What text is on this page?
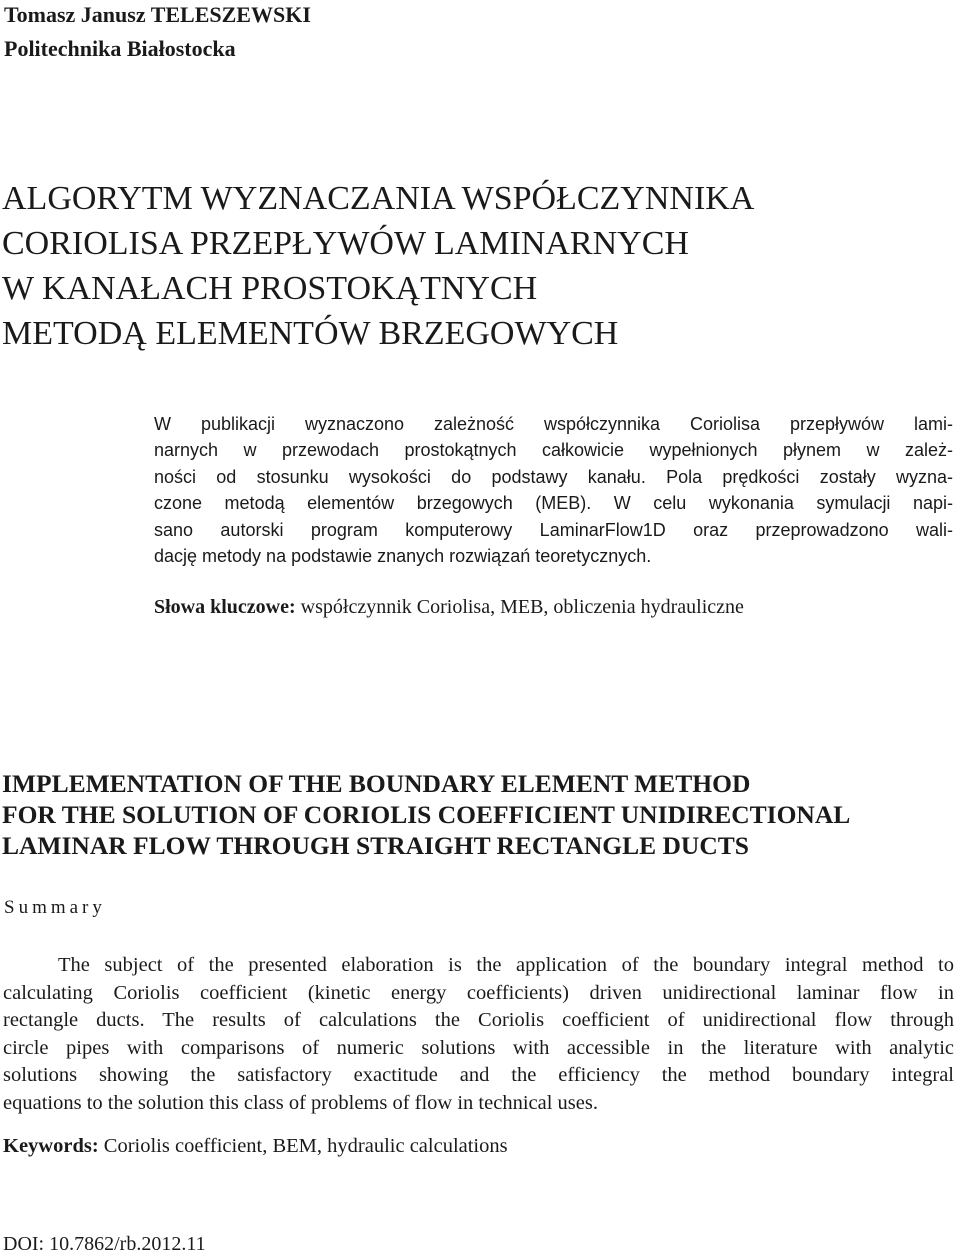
Tomasz Janusz TELESZEWSKI
Politechnika Białostocka
ALGORYTM WYZNACZANIA WSPÓŁCZYNNIKA
CORIOLISA PRZEPŁYWÓW LAMINARNYCH
W KANAŁACH PROSTOKĄTNYCH
METODĄ ELEMENTÓW BRZEGOWYCH
W publikacji wyznaczono zależność współczynnika Coriolisa przepływów lami-
narnych w przewodach prostokątnych całkowicie wypełnionych płynem w zależ-
ności od stosunku wysokości do podstawy kanału. Pola prędkości zostały wyzna-
czone metodą elementów brzegowych (MEB). W celu wykonania symulacji napi-
sano autorski program komputerowy LaminarFlow1D oraz przeprowadzono wali-
dację metody na podstawie znanych rozwiązań teoretycznych.
Słowa kluczowe: współczynnik Coriolisa, MEB, obliczenia hydrauliczne
IMPLEMENTATION OF THE BOUNDARY ELEMENT METHOD
FOR THE SOLUTION OF CORIOLIS COEFFICIENT UNIDIRECTIONAL
LAMINAR FLOW THROUGH STRAIGHT RECTANGLE DUCTS
Summary
The subject of the presented elaboration is the application of the boundary integral method to
calculating Coriolis coefficient (kinetic energy coefficients) driven unidirectional laminar flow in
rectangle ducts. The results of calculations the Coriolis coefficient of unidirectional flow through
circle pipes with comparisons of numeric solutions with accessible in the literature with analytic
solutions showing the satisfactory exactitude and the efficiency the method boundary integral
equations to the solution this class of problems of flow in technical uses.
Keywords: Coriolis coefficient, BEM, hydraulic calculations
DOI: 10.7862/rb.2012.11
